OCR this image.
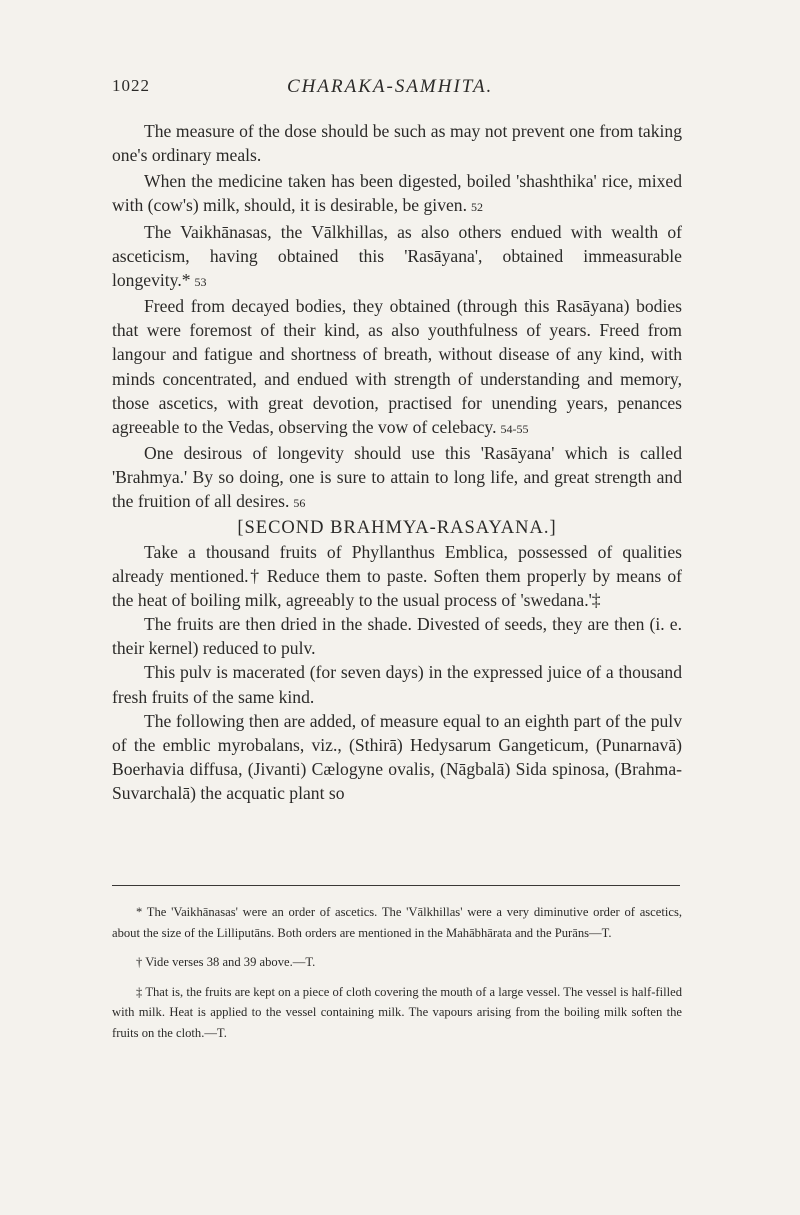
1022	CHARAKA-SAMHITA.

The measure of the dose should be such as may not prevent one from taking one's ordinary meals.

When the medicine taken has been digested, boiled 'shashthika' rice, mixed with (cow's) milk, should, it is desirable, be given. 52

The Vaikhānasas, the Vālkhillas, as also others endued with wealth of asceticism, having obtained this 'Rasāyana', obtained immeasurable longevity.* 53

Freed from decayed bodies, they obtained (through this Rasāyana) bodies that were foremost of their kind, as also youthfulness of years. Freed from langour and fatigue and shortness of breath, without disease of any kind, with minds concentrated, and endued with strength of understanding and memory, those ascetics, with great devotion, practised for unending years, penances agreeable to the Vedas, observing the vow of celebacy. 54-55

One desirous of longevity should use this 'Rasāyana' which is called 'Brahmya.' By so doing, one is sure to attain to long life, and great strength and the fruition of all desires. 56

[SECOND BRAHMYA-RASAYANA.]

Take a thousand fruits of Phyllanthus Emblica, possessed of qualities already mentioned.† Reduce them to paste. Soften them properly by means of the heat of boiling milk, agreeably to the usual process of 'swedana.'‡

The fruits are then dried in the shade. Divested of seeds, they are then (i. e. their kernel) reduced to pulv.

This pulv is macerated (for seven days) in the expressed juice of a thousand fresh fruits of the same kind.

The following then are added, of measure equal to an eighth part of the pulv of the emblic myrobalans, viz., (Sthirā) Hedysarum Gangeticum, (Punarnavā) Boerhavia diffusa, (Jivanti) Cælogyne ovalis, (Nāgbalā) Sida spinosa, (Brahma-Suvarchalā) the acquatic plant so

* The 'Vaikhānasas' were an order of ascetics. The 'Vālkhillas' were a very diminutive order of ascetics, about the size of the Lilliputāns. Both orders are mentioned in the Mahābhārata and the Purāns—T.

† Vide verses 38 and 39 above.—T.

‡ That is, the fruits are kept on a piece of cloth covering the mouth of a large vessel. The vessel is half-filled with milk. Heat is applied to the vessel containing milk. The vapours arising from the boiling milk soften the fruits on the cloth.—T.
